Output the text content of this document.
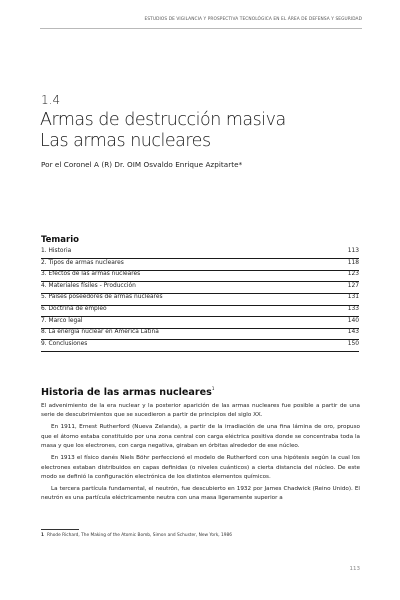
ESTUDIOS DE VIGILANCIA Y PROSPECTIVA TECNOLÓGICA EN EL ÁREA DE DEFENSA Y SEGURIDAD
1.4
Armas de destrucción masiva
Las armas nucleares
Por el Coronel A (R) Dr. OIM Osvaldo Enrique Azpitarte*
Temario
1. Historia	113
2. Tipos de armas nucleares	118
3. Efectos de las armas nucleares	123
4. Materiales físiles - Producción	127
5. Países poseedores de armas nucleares	131
6. Doctrina de empleo	133
7. Marco legal	140
8. La energía nuclear en América Latina	143
9. Conclusiones	150
Historia de las armas nucleares$^1$

El advenimiento de la era nuclear y la posterior aparición de las armas nucleares fue posible a partir de una serie de descubrimientos que se sucedieron a partir de principios del siglo XX.

En 1911, Ernest Rutherford (Nueva Zelanda), a partir de la irradiación de una fina lámina de oro, propuso que el átomo estaba constituido por una zona central con carga eléctrica positiva donde se concentraba toda la masa y que los electrones, con carga negativa, giraban en órbitas alrededor de ese núcleo.

En 1913 el físico danés Niels Böhr perfeccionó el modelo de Rutherford con una hipótesis según la cual los electrones estaban distribuidos en capas definidas (o niveles cuánticos) a cierta distancia del núcleo. De este modo se definió la configuración electrónica de los distintos elementos químicos.

La tercera partícula fundamental, el neutrón, fue descubierto en 1932 por James Chadwick (Reino Unido). El neutrón es una partícula eléctricamente neutra con una masa ligeramente superior a

1 Rhode Richard, The Making of the Atomic Bomb, Simon and Schuster, New York, 1986
113
